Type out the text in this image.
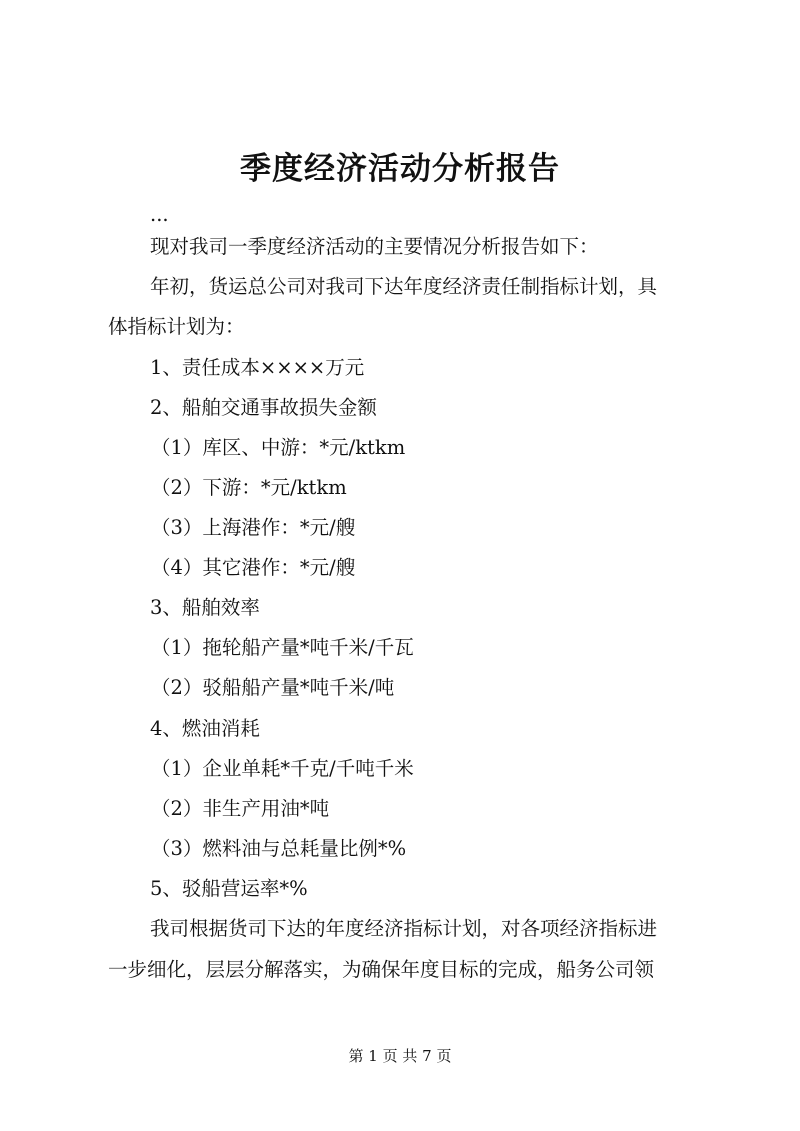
季度经济活动分析报告
...
现对我司一季度经济活动的主要情况分析报告如下：
年初，货运总公司对我司下达年度经济责任制指标计划，具
体指标计划为：
1、责任成本××××万元
2、船舶交通事故损失金额
（1）库区、中游：*元/ktkm
（2）下游：*元/ktkm
（3）上海港作：*元/艘
（4）其它港作：*元/艘
3、船舶效率
（1）拖轮船产量*吨千米/千瓦
（2）驳船船产量*吨千米/吨
4、燃油消耗
（1）企业单耗*千克/千吨千米
（2）非生产用油*吨
（3）燃料油与总耗量比例*%
5、驳船营运率*%
我司根据货司下达的年度经济指标计划，对各项经济指标进
一步细化，层层分解落实，为确保年度目标的完成，船务公司领
第 1 页 共 7 页
